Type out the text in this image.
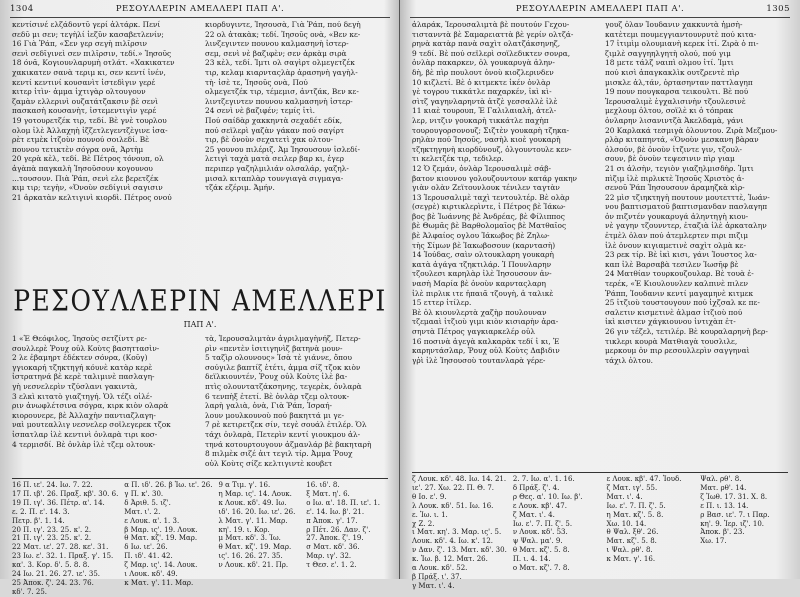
1304	ΡΕΣΟΥΛΛΕΡΙΝ ΑΜΕΛΛΕΡΙ ΠΑΠ Α'.
κεντίσινέ ελζάδοντῦ γερί ἀλτάρκ. Πενί
σεδῦ μι σεν; τεγὴλί ἰεζῦν κασαβετλενίν;
16 Γιὰ Ῥάπ, «Σεν γερ σεγὴ πιλῖρσιν
σενὶ σεδῖγινεὶ σεν πιλῖρσιν, τεδί.» Ἰησοῦς
18 όνᾱ, Κογιουνλαρυμὴ οτλάτ. «Χακικατεν
χακικατεν σανὰ τεριμ κι, σεν κεντί ἰνέν,
κεντί κεντινί κουσανὶτ ἰστεδὶγιν γερέ
κιτερ ἰτὶν· ἀμμα ἰχτιγὰρ ολτουγουν
ζαμὰν ελλερινὶ ουζατάτζακσιν βὲ σενὶ
πασκασὴ κουσανὴτ, ἰστεμεντιγὶν γερέ
19 γοτουρετζέκ τιρ, τεδί. Βὲ γνὲ τουρλου
ολομ ἰλὲ Ἀλλαχηὴ ἰζζετλεγεντζὲγινε ἰσα-
ρὲτ ετμὲκ ἰτζοὺν πουνού σοιλεδί. Βὲ
πουνου τετικτὲν σόγρα ονᾱ, Ἀρτὴμ
20 γερὰ κὲλ, τεδί. Βὲ Πέτρος τόνουπ, ολ
ἀγὰπὰ παγκαλὴ Ἰησοῦσουν κογουνου
...τουσουν. Πιὰ Ῥάπ, σενὶ ελε βερετζέκ
κιμ τιρ; τεγὴν, «Ὀνοὺν σεδίγινὶ σαγισιν
21 ἀρκατὰν κελτιγινὶ κιορδὶ. Πέτρος ονού
κιορδυγιντε, Ἰησουσὰ, Γιὰ Ῥάπ, πού δεγὴ
22 ολ ἀτακὰκ; τεδί. Ἰησοῦς ονὰ, «Βεν κε-
λινζεγιντεν πουνου καλμασηνὴ ἰστερ-
σεμ, σενὶ νὲ βαζιφὲν; σεν ἀρκὰμ σιρὰ
23 κὲλ, τεδί. Ἰμτι ολ σαγὶρτ ολμεγετζέκ
τιρ, κελαμ κιαρνταςλὰρ ἀρασηνὴ γαγὴλ-
τὴ· ἰσὲ τε, Ἰησοῦς ονὰ, Πού
ολμεγετζέκ τιρ, τέμεμισ, ἀντζάκ, Βεν κε-
λιντζεγιντεν πουνου καλμασηνὴ ἰστερ-
24 σενὶ νὲ βαζιφέν; τεμίς ἰτὶ.
Πού σαίδὰρ χακκηντὰ σεχαδέτ εδίκ,
πού σεϊλερὶ γαζὰν γάκαν πού σαγίρτ
τιρ, βὲ ὁνοὺν σεχατετὶ χακ ολτου-
25 γουνου πιλέριζ. Ἀμ Ἰησουσουν ἰσλεδί-
λετιγὶ ταχὰ ματὰ σειλερ βαρ κι, ἐγερ
περιπερ γαζηλμιλιάν ολσαλάρ, γαζηλ-
μισαλ κιταπλὰρ τουνγιαγὰ σιγμαγα-
τζάκ εζέριμ. Ἀμήν.
ΡΕΣΟΥΛΛΕΡΙΝ ΑΜΕΛΛΕΡΙ
ΠΑΠ Α'.
1 «Ἐ Θεόφιλος, Ἰησοὺς σετζίνττ ρε-
σουλλερὲ Ῥουχ οὐλ Κοὺτς βασηττασὶν-
2 λε ἐβαμηρτ ἐδέκτεν σόνρα, (Κοῦγ)
γγιοκαρή τζηκτηγή κόυνὲ κατὰρ κερὲ
ἰστρατηνά βὲ κερὲ ταλιμινὲ πασλαγη-
γὴ νεσνελερὶν τζύσλανι γακιντὰ,
3 ελκὶ κιτατὸ γιαζτηγή. Ὁλ τέζι οἱλέ-
ριν ἀνωφλέτσινα σόγρα, κιρκ κιὸν ολαρὰ
κιορουνερε, βὲ Ἀλλαχὴν παντιαζλαγη-
ναὶ μουτεαλλιγ νεσνελερ σοϊλεγερεκ τζοκ
ἰσπατλαρ ἰλὲ κεντινὶ ὀνλαρὰ τιρι κοσ-
4 τερμισδί. Βὲ ὀνλὰρ ἰλὲ τζεμ ολτουκ-
τὰ, Ἱερουσαλιμτὰν ἀγριλμαγὴνήζ, Πετερ-
ρὶν «πεντὲν ἰσιτιγηνὶζ βατηνὰ μουν-
5 ταζὶρ ολουνους» Ἰσὰ τὲ γιάννε, ὄπου
σούγιλε βαπτίζ ἐτέτι, ἀμμα σίζ τζοκ κιὸν
δεϊλκιουντέν, Ῥουχ οὐλ Κοὺτς ἰλὲ βα-
πτὶς ολουντατζάκσηνης, τεγερὲκ, ὀνλαρὰ
6 τενπὴξ ἐτετί. Βὲ ὀνλὰρ τζεμ ολτουκ-
λαρὴ γαλιὰ, ὀνὰ, Γιὰ Ῥάπ, Ἰσραή-
λουν μουλκουνοὺ πού βακηττά μι γε-
7 ρὲ κετιρετζεκ σίν, τεγὲ σουάλ ἐτιλέρ. Ὁλ
τάχι ὀνλαρὰ, Πετερὶν κεντί γιουκμου ἀλ-
τηνά κοτουρτουγουν ἀζμανλάρ βὲ βακηταρὴ
8 πιλμὲκ σιζέ ἀιτ τεγιλ τίρ. Ἀμμα Ῥουχ
οὐλ Κοὺτς σίζε κελτιγιντὲ κουβετ
16 Π. ιε'. 24. Ιω. 7. 22.
17 Π. ιβ'. 26. Πραξ. κβ'. 30. 6.
19 Π. ιγ'. 36. Πέτρ. α'. 14.
ε. 2. Π. ε'. 14. 3.
Πετρ. β'. 1. 14.
20 Π. ιγ'. 23. 25. κ'. 2.
21 Π. ιγ'. 23. 25. κ'. 2.
22 Ματ. ιε'. 27. 28. κε'. 31.
23 Ιω. ε'. 32. 1. Πραξ. γ'. 15.
κα'. 3. Κορ. δ'. 5. 8. 8.
24 Ιω. 21. 26. 27. ιε'. 35.
25 Ἀποκ. ζ'. 24. 23. 76.
κδ'. 7. 25.
α Π. ιδ'. 26. β Ἰω. ιε'. 26.
γ Π. κ'. 30.
δ Ἀριθ. 5. ιζ'.
Ματ. ι'. 2.
ε Λουκ. α'. 1. 3.
β Μαρ. ις'. 19. Λουκ.
θ Ματ. κζ'. 19. Μαρ.
δ Ιω. ιε'. 26.
Π. ιδ'. 41. 42.
ζ Μαρ. ις'. 14. Λουκ.
ι Λουκ. κδ'. 49.
κ Ματ. γ'. 11. Μαρ.
9 α Τιμ. γ'. 16.
η Μαρ. ις'. 14. Λουκ.
κ Λουκ. κδ'. 49. Ιω.
ιδ'. 16. 20. Ιω. ιε'. 26.
λ Ματ. γ'. 11. Μαρ.
κη'. 19. ι. Κορ.
μ Ματ. κδ'. 3. Ἰω.
θ Ματ. κζ'. 19. Μαρ.
ις'. 16. 26. 27. 35.
ν Λουκ. κδ'. 21. Πρ.
16. ιδ'. 8.
ξ Ματ. η'. 6.
ο Ιω. α'. 18. Π. ιε'. 1.
ε'. 14. Ιω. β'. 21.
π Ἀποκ. γ'. 17.
ρ Πέτ. 26. Δαν. ζ'.
27. Ἀποκ. ζ'. 19.
σ Ματ. κδ'. 36.
Μαρ. ιγ'. 32.
τ Θεσ. ε'. 1. 2.
ΡΕΣΟΥΛΛΕΡΙΝ ΑΜΕΛΛΕΡΙ ΠΑΠ Α'.	1305
ἀλαράκ, Ἱερουσαλιμτὰ βὲ πουτούν Γεχου-
τιστανντὰ βὲ Σαμαρειαττὰ βὲ γερίν ολτζά-
ρηνὰ κατὰρ πανὰ σαχὶτ ολατζάκσηνηζ,
9 τεδί. Βὲ πού σεϊλερὶ σοϊλεδικτεν σονρα,
ὀνλὰρ πακαρκεν, ὁλ γουκαρυγὰ ἀλην-
δὴ, βὲ πὶρ πουλουτ ὀνοὺ κιοζλερινδεν
10 κιζλετί. Βὲ ὁ κιτμεκτε ἰκέν ὀνλὰρ
γὲ τογρου τικκάτλε παχαρκέν, ἰκὶ κὶ-
σὶτζ γαγηνλαρηντὰ ἀτζὲ γεσσαλλὲ ἰλὲ
11 κιαὲ τουρουπ, Ἐ Γαλιλαιαλὴ, ἀτελ-
λερ, νιτζιν γουκαρὴ τικκάτλε παχὴπ
τουρουγορσονουζ; Σιζτὲν γουκαρὴ τζηκα-
ρηλὰν πού Ἰησοῦς, νασὴλ κιοὲ γουκαρὴ
τζηκτηγηνὴ κιορδὺνουζ, ὁλγουντουλε κεν-
τι κελετζέκ τιρ, τεδιλερ.
12 Ὁ ζεμάν, ὀνλὰρ Ἱερουσαλιμὲ σάβ-
βατον κιουνου γολουζουντουν κατάρ γακην
γιὰν ολὰν Ζεϊτουνλουκ τένιλεν ταγτὰν
13 Ἱερουσαλιμὲ ταχὶ τεντουλτέρ. Βὲ ολὰρ
(σεγρὲ) κιρτικλερὶντε, ἰ Πέτρος βὲ Ἰάκω-
βος βὲ Ἰωάννης βὲ Ἀνδρέας, βὲ Φίλιππος
βὲ Θωμᾶς βὲ Βαρθολομαῖος βὲ Ματθαῖος
βὲ Ἀλφαίος ογλου Ἰάκωβος βὲ Ζηλω-
τὴς Σίμων βὲ Ἰακωβοσουν (καρντασὴ)
14 Ἰούδας, σαὶν ολτουκλαρη γουκαρὴ
κατὰ ἀγάγα τζηκτιλάρ. Ἰ Πουνλαρην
τζουλεσι καρηλὰρ ἰλὲ Ἰησουσουν ἀν-
νασὴ Μαρία βὲ ὀνοὺν καρνταςλαρη
ἰλὲ πιρλικ ιτε ἠπαιᾰ τζουγὴ, ἀ ταλικὲ
15 εττερ ἰτίλερ.
Βὲ ὁλ κιουνλερτὰ χαζὴρ πουλουναν
τζεμααὶ ἰτζιοὺ γιμι κιὸν κισιαρὴν ἀρα-
σηντὰ Πέτρος γαγκιαρκελέρ οὐλ
16 ποσινὰ ἀγεγὰ καλκαρὰκ τεδί ἰ κι, Ἐ
καρηντάσλαρ, Ῥουχ οὐλ Κοὺτς Δαβιδιν
γῥὶ ἰλὲ Ἰησουσοὺ τουτανλαρὰ γέρε-
γουζ ὀλαν Ἰουδανιν χακκυντὰ ἠμσὴ-
κατὲτεμι πουμεγγιαντουνρυτὲ πού κιτα-
17 ἰτιμὶμ ολουμιανὴ κερεκ ἰτί. Ζιρὰ ὁ πι-
ζιμλὲ σαγγηηλγητὴ ολού, πού γιμ
18 μετε τάλζ ναιπὶ ολμου ἰτί. Ἰμτι
πού κισὶ ἀπαγκακλὶκ ουτζρεντὲ πὶρ
μισκλε ἀλ,τάν, ὁρτασηνταν παττλαγηπ
19 πουν πουγκαρσα τεικουλτι. Βὲ πού
Ἱερουσαλιμὲ ἐγχαλισινὴν τζουλεσινὲ
μεχλουμ ὀλτου, σοϊλὲ κι ὁ τόπρακ
ὀνλαρην λισανιντζὰ Ἀκελδαμὰ, γάνι
20 Καρλακά τεσμιγὰ ὀλουντου. Ζιρὰ Μεζμου-
ρλὰρ κιταπηντά, «Ὁνοὺν μεσκανη βὰραν
ὀλσούν, βὲ ὀνοὺν ἰτζιντε γιν, τζουλ-
σουν, βὲ ὀνοὺν τεψεσινιν πὶρ γιαμ
21 σι ἀλσὴν, τεγιὸν γιαζηλμισδὴρ. Ἰμτι
πὶζιμ ἰλὲ πιρλικτὲ Ἰησοῦς Χριστὸς ἀ-
σενοῦ Ῥάπ Ἰησουσουν ἀραμηζκὰ κὶρ-
22 μὶσ τζιηκτηγὴ πουτουν μουτετττὲ, Ἰωάν-
νου βαπτισματοῦ βαπτισμανδαν πασλαγηπ
ὀν πιζντέν γουκαρυγά ἀληντηγὴ κιου-
νὲ γαγην τζουνντερ, ἐταζιὰ ἰλὲ ἀρκαταλην
ἐτμὲλ ὀλαν πού ἀτεμλερτεν πιρι πιζιμ
ἰλὲ ὀνουν κιγιαμετινὲ σαχὶτ ολμὰ κε-
23 ρεκ τίρ. Βὲ ἰκὶ κισι, γάνι Ἰουστος λα-
καπ ἰλὲ Βαρσαβὰ τεσιλεν Ἰωσῆφ βὲ
24 Ματθίαν τουρκουζουλαρ. Βὲ τουὰ ἐ-
τερέκ, «Ἐ Κιουλουνλεν καλπινὲ πιλεν
Ῥάππ, Ἰουδανιν κεντί μαγαμηνὲ κιτμεκ
25 ἰτζιοὺ τουστουγουν πού ἰχζσαλ κε πε-
σαλετιν κισμετινὲ ἀλμασ ἰτζιοὺ πού
ἰκὶ κισιτεν χάγκιουνου ἰντιχὰπ ἐτ-
26 γιν τέζελ, τετιλέρ. Βὲ κουραλαρηνὴ βερ-
τικλερι κουρὰ Ματθιαγὰ τουσλιλε,
μερκουμ ὁν πιρ ρεσουλλερὶν σαγγηναὶ
τάχιλ ὀλτου.
ζ Λουκ. κδ'. 48. Ιω. 14. 21.
ιε'. 27. Χω. 22. Π. Θ. 7.
θ Ιο. ε'. 9.
λ Λουκ. κδ'. 51. Ιω. 16.
ε. Ἰω. ι. 1.
χ Ζ. 2.
ι Ματ. κη'. 3. Μαρ. ις'. 5.
Λουκ. κδ'. 4. Ιω. κ'. 12.
ν Δαν. ζ'. 13. Ματ. κδ'. 30.
κ. Ἰω. β. 12. Ματ. 26.
α Λουκ. κδ'. 52.
β Πράξ. ι'. 37.
γ Ματ. ι'. 4.
2. 7. Ιω. α'. 1. 16.
δ Πράξ. ζ'. 4.
ρ Θες. α'. 10. Ιω. β'.
ε Λουκ. κβ'. 47.
ζ Ματ. ι'. 4.
Ιω. ε'. 7. Π. ζ'. 5.
ν Λουκ. κδ'. 53.
ψ Ψαλ. μα'. 9.
θ Ματ. κζ'. 5. 8.
Π. ι. 4. 14.
ο Ματ. κζ'. 7. 8.
ε Λουκ. κβ'. 47. Ἰουδ.
ζ Ματ. ιγ'. 55.
Ματ. ι'. 4.
Ιω. ε'. 7. Π. ζ'. 5.
η Ματ. κζ'. 5. 8.
Χω. 10. 14.
θ Ψαλ. ξθ'. 26.
Ματ. κζ'. 5. 8.
ι Ψαλ. ρθ'. 8.
κ Ματ. γ'. 16.
Ψαλ. ρθ'. 8.
Ματ. ρθ'. 14.
ζ Ἰωθ. 17. 31. Χ. 8.
ε Π. ι. 13. 14.
ρ Βασ. ιε'. 7. ι Παρ.
κη'. 9. Ἰερ. ιζ'. 10.
Ἀποκ. β'. 23.
Χω. 17.
